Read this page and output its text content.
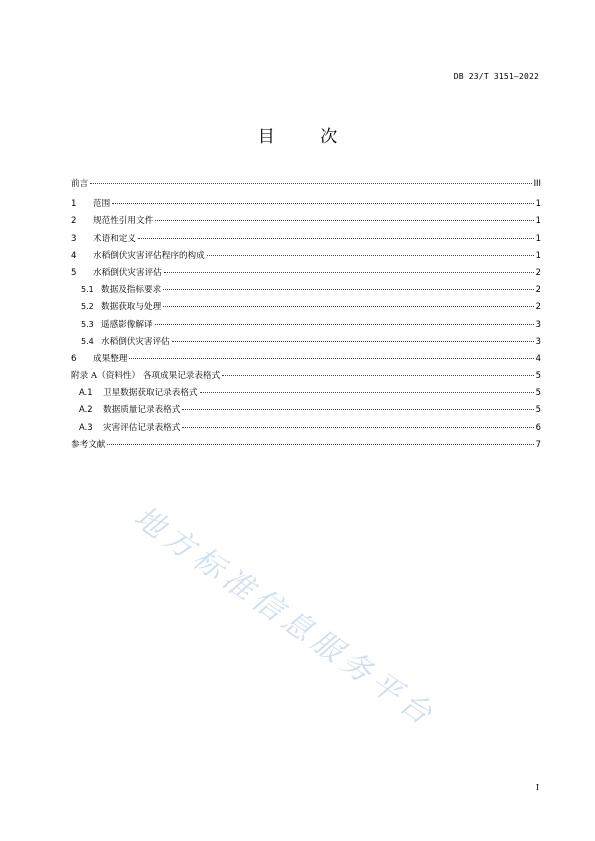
DB 23/T 3151—2022
目 次
前言	III
1	范围	1
2	规范性引用文件	1
3	术语和定义	1
4	水稻倒伏灾害评估程序的构成	1
5	水稻倒伏灾害评估	2
5.1 数据及指标要求	2
5.2 数据获取与处理	2
5.3 遥感影像解译	3
5.4 水稻倒伏灾害评估	3
6	成果整理	4
附录 A（资料性） 各项成果记录表格式	5
A.1	卫星数据获取记录表格式	5
A.2	数据质量记录表格式	5
A.3	灾害评估记录表格式	6
参考文献	7
地方标准信息服务平台
I
